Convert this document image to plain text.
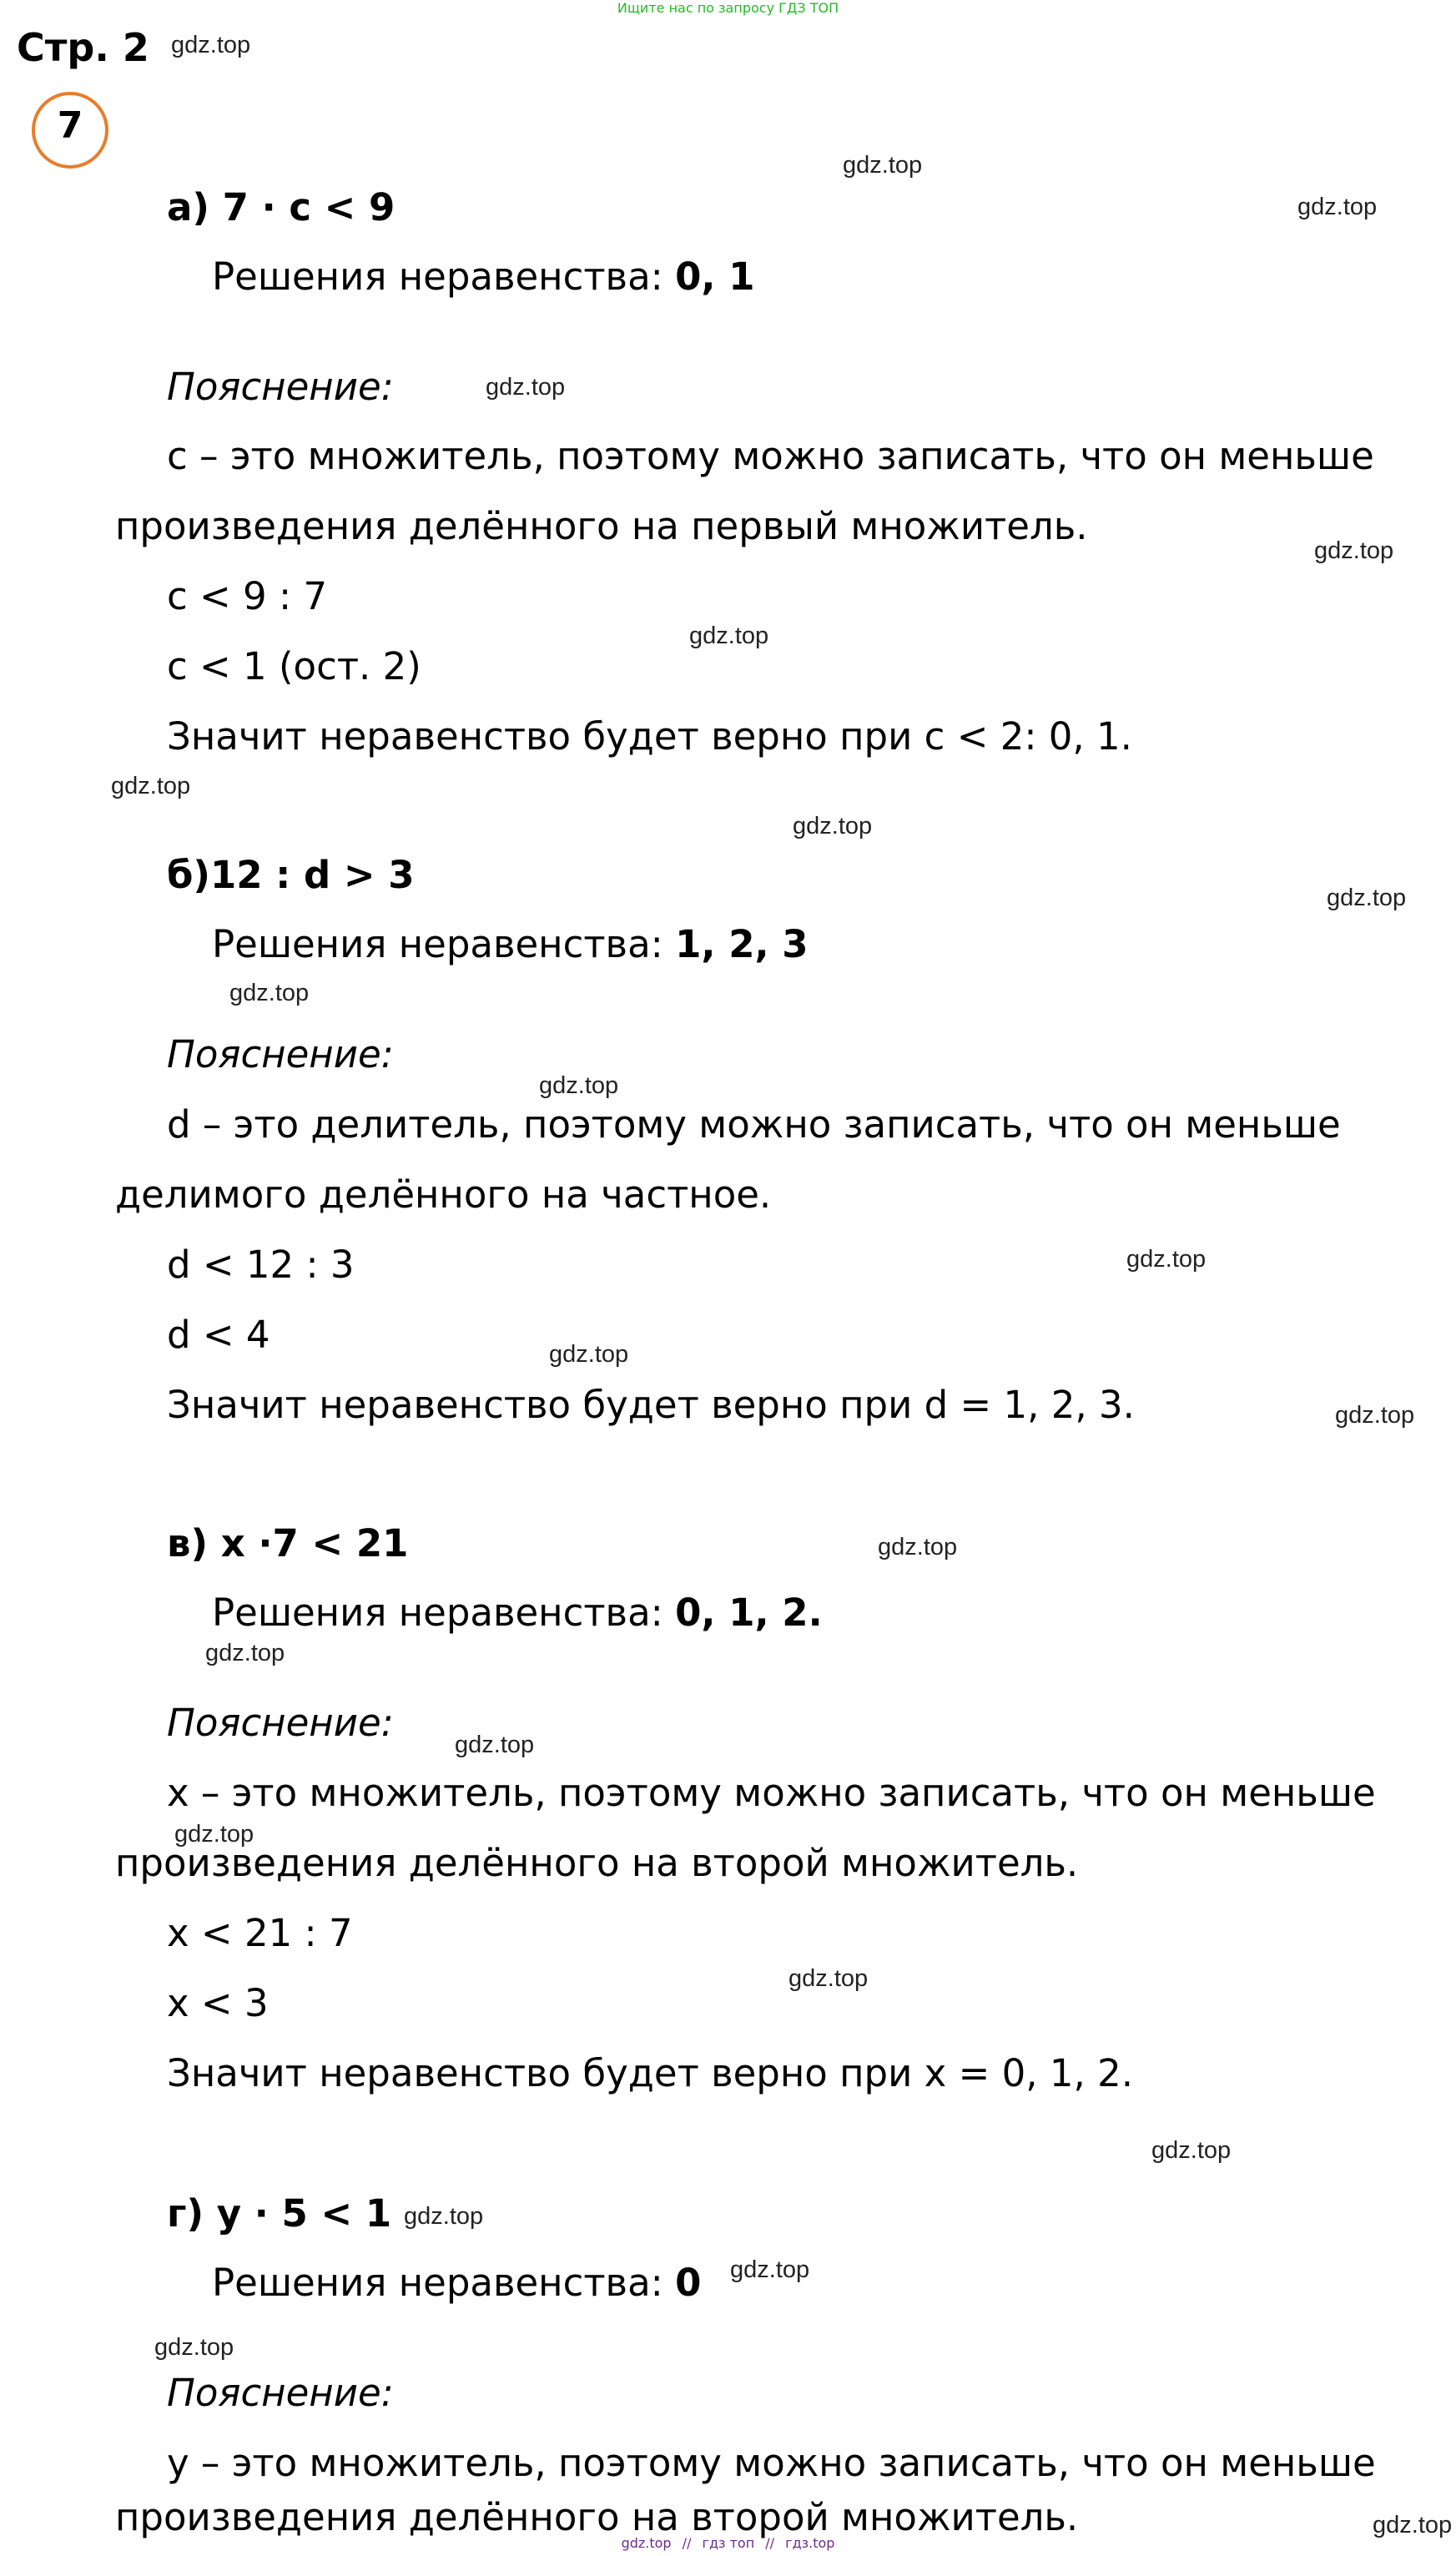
Ищите нас по запросу ГДЗ ТОП
Стр. 2
7
а) 7 · с < 9
Решения неравенства: 0, 1
Пояснение:
с – это множитель, поэтому можно записать, что он меньше
произведения делённого на первый множитель.
с < 9 : 7
с < 1 (ост. 2)
Значит неравенство будет верно при с < 2: 0, 1.
б)12 : d > 3
Решения неравенства: 1, 2, 3
Пояснение:
d – это делитель, поэтому можно записать, что он меньше
делимого делённого на частное.
d < 12 : 3
d < 4
Значит неравенство будет верно при d = 1, 2, 3.
в) x ·7 < 21
Решения неравенства: 0, 1, 2.
Пояснение:
x – это множитель, поэтому можно записать, что он меньше
произведения делённого на второй множитель.
x < 21 : 7
x < 3
Значит неравенство будет верно при x = 0, 1, 2.
г) y · 5 < 1
Решения неравенства: 0
Пояснение:
y – это множитель, поэтому можно записать, что он меньше
произведения делённого на второй множитель.
gdz.top
gdz.top
gdz.top
gdz.top
gdz.top
gdz.top
gdz.top
gdz.top
gdz.top
gdz.top
gdz.top
gdz.top
gdz.top
gdz.top
gdz.top
gdz.top
gdz.top
gdz.top
gdz.top
gdz.top
gdz.top
gdz.top
gdz.top
gdz.top
gdz.top // гдз топ // гдз.top
